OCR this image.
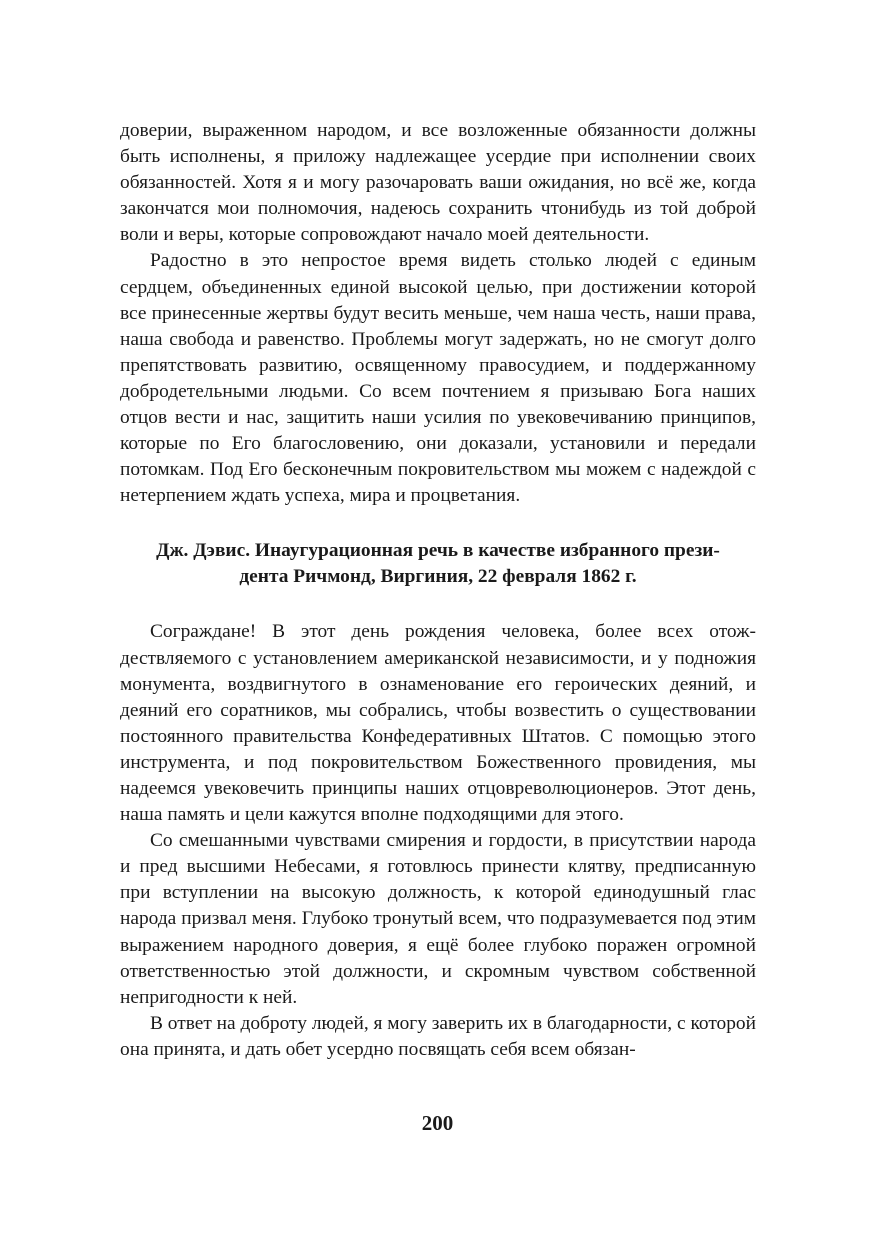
доверии, выраженном народом, и все возложенные обязанности должны быть исполнены, я приложу надлежащее усердие при исполнении своих обязанностей. Хотя я и могу разочаровать ваши ожидания, но всё же, когда закончатся мои полномочия, надеюсь сохранить чтонибудь из той доброй воли и веры, которые сопровождают начало моей деятельности.

Радостно в это непростое время видеть столько людей с единым сердцем, объединенных единой высокой целью, при достижении которой все принесенные жертвы будут весить меньше, чем наша честь, наши права, наша свобода и равенство. Проблемы могут задержать, но не смогут долго препятствовать развитию, освященному правосудием, и поддержанному добродетельными людьми. Со всем почтением я призываю Бога наших отцов вести и нас, защитить наши усилия по увековечиванию принципов, которые по Его благословению, они доказали, установили и передали потомкам. Под Его бесконечным покровительством мы можем с надеждой с нетерпением ждать успеха, мира и процветания.

Дж. Дэвис. Инаугурационная речь в качестве избранного прези-
дента Ричмонд, Виргиния, 22 февраля 1862 г.

Сограждане! В этот день рождения человека, более всех отождествляемого с установлением американской независимости, и у подножия монумента, воздвигнутого в ознаменование его героических деяний, и деяний его соратников, мы собрались, чтобы возвестить о существовании постоянного правительства Конфедеративных Штатов. С помощью этого инструмента, и под покровительством Божественного провидения, мы надеемся увековечить принципы наших отцовреволюционеров. Этот день, наша память и цели кажутся вполне подходящими для этого.

Со смешанными чувствами смирения и гордости, в присутствии народа и пред высшими Небесами, я готовлюсь принести клятву, предписанную при вступлении на высокую должность, к которой единодушный глас народа призвал меня. Глубоко тронутый всем, что подразумевается под этим выражением народного доверия, я ещё более глубоко поражен огромной ответственностью этой должности, и скромным чувством собственной непригодности к ней.

В ответ на доброту людей, я могу заверить их в благодарности, с которой она принята, и дать обет усердно посвящать себя всем обязан-

200
